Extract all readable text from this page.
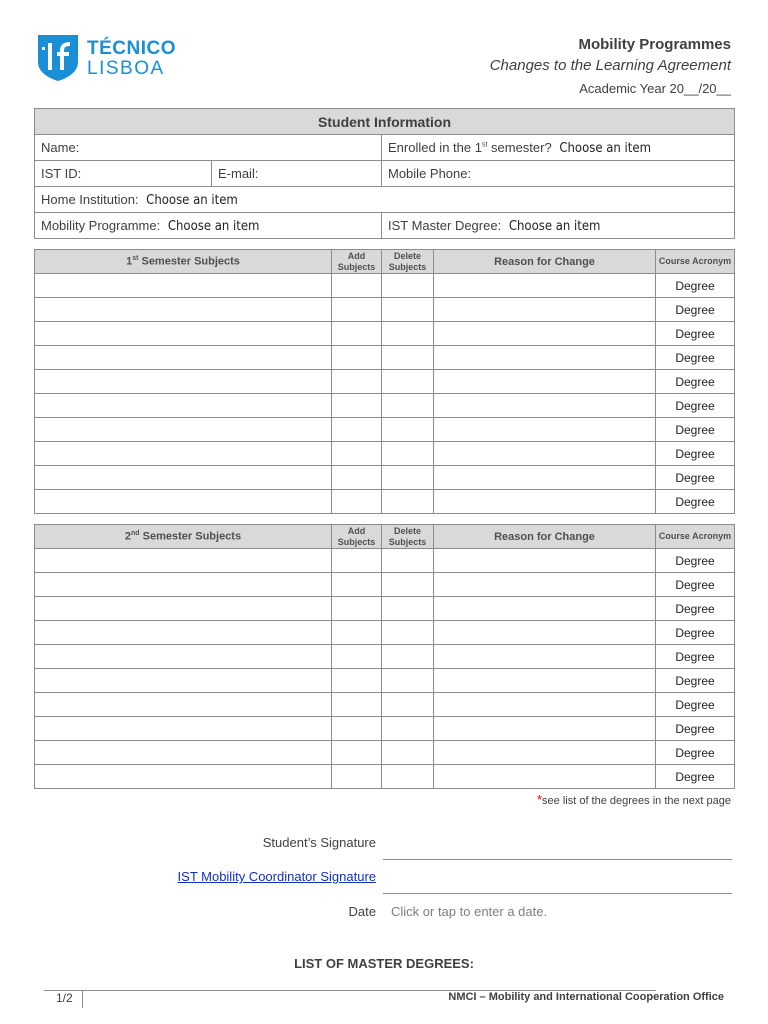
TÉCNICO
LISBOA
Mobility Programmes
Changes to the Learning Agreement
Academic Year 20__/20__
Student Information		
Name:		Enrolled in the 1st semester? Choose an item
IST ID:	E-mail:	Mobile Phone:
Home Institution: Choose an item		
Mobility Programme: Choose an item		IST Master Degree: Choose an item
1st Semester Subjects	Add Subjects	Delete Subjects	Reason for Change	Course Acronym
				Degree
				Degree
				Degree
				Degree
				Degree
				Degree
				Degree
				Degree
				Degree
				Degree
2nd Semester Subjects	Add Subjects	Delete Subjects	Reason for Change	Course Acronym
				Degree
				Degree
				Degree
				Degree
				Degree
				Degree
				Degree
				Degree
				Degree
				Degree
*see list of the degrees in the next page
Student’s Signature
IST Mobility Coordinator Signature
Date Click or tap to enter a date.
LIST OF MASTER DEGREES:
1/2	NMCI – Mobility and International Cooperation Office
